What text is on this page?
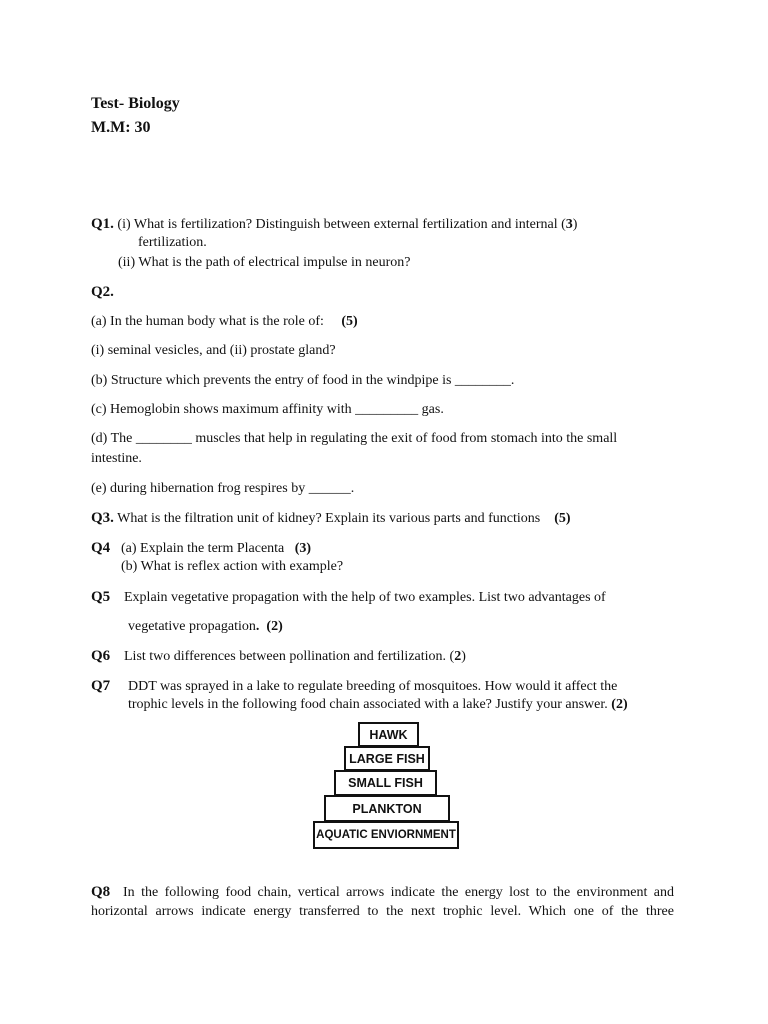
Test- Biology
M.M: 30
Q1. (i) What is fertilization? Distinguish between external fertilization and internal (3)
fertilization.
(ii) What is the path of electrical impulse in neuron?
Q2.
(a) In the human body what is the role of: (5)
(i) seminal vesicles, and (ii) prostate gland?
(b) Structure which prevents the entry of food in the windpipe is ________.
(c) Hemoglobin shows maximum affinity with _________ gas.
(d) The ________ muscles that help in regulating the exit of food from stomach into the small
intestine.
(e) during hibernation frog respires by ______.
Q3. What is the filtration unit of kidney? Explain its various parts and functions (5)
Q4 (a) Explain the term Placenta (3)
(b) What is reflex action with example?
Q5 Explain vegetative propagation with the help of two examples. List two advantages of
vegetative propagation. (2)
Q6 List two differences between pollination and fertilization. (2)
Q7 DDT was sprayed in a lake to regulate breeding of mosquitoes. How would it affect the
trophic levels in the following food chain associated with a lake? Justify your answer. (2)
HAWK
LARGE FISH
SMALL FISH
PLANKTON
AQUATIC ENVIORNMENT
Q8 In the following food chain, vertical arrows indicate the energy lost to the environment and
horizontal arrows indicate energy transferred to the next trophic level. Which one of the three
